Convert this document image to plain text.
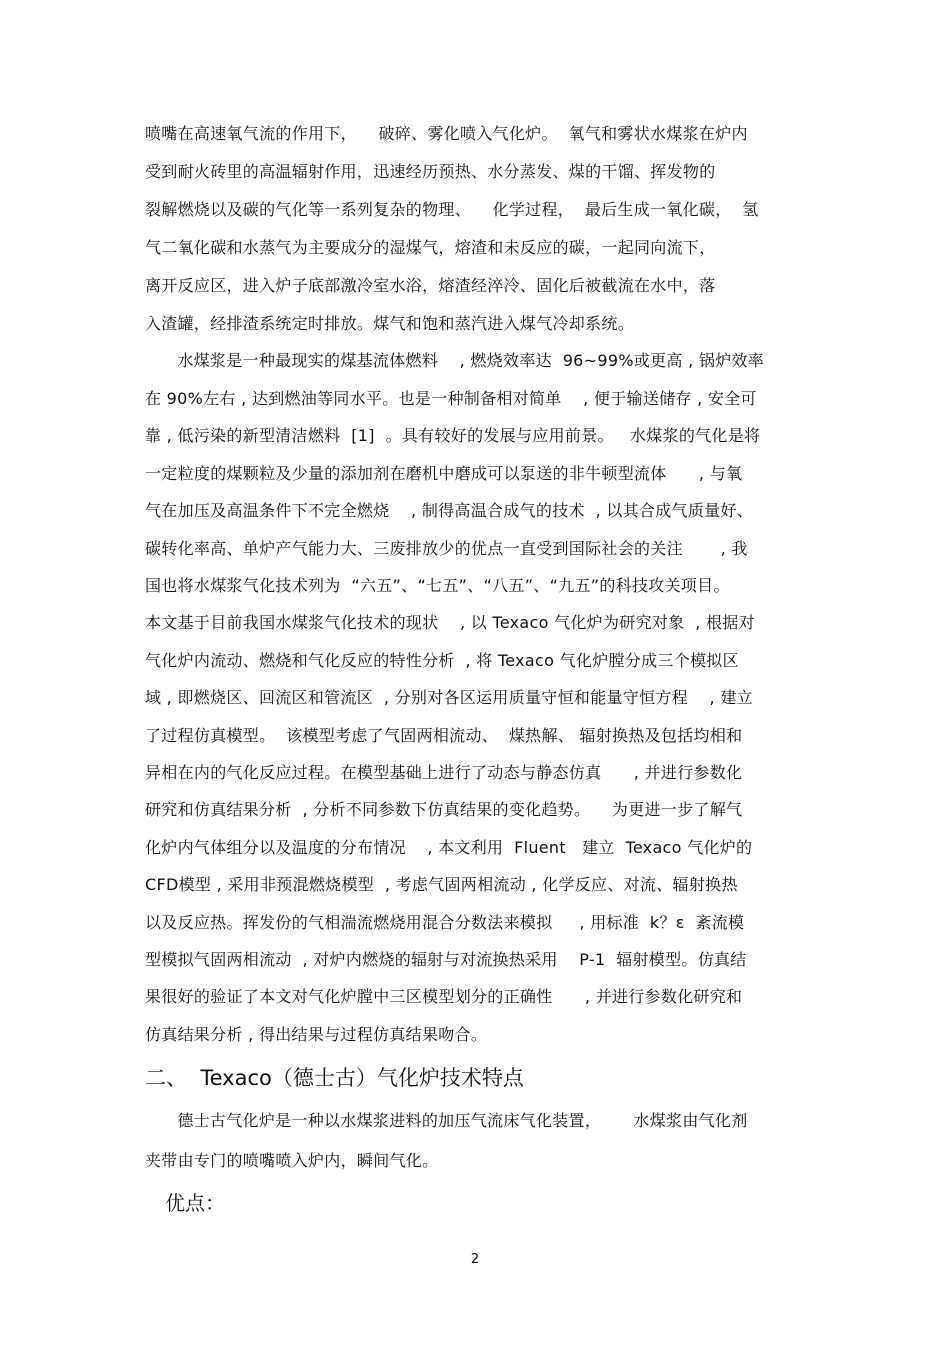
喷嘴在高速氧气流的作用下，    破碎、雾化喷入气化炉。  氧气和雾状水煤浆在炉内
受到耐火砖里的高温辐射作用，迅速经历预热、水分蒸发、煤的干馏、挥发物的
裂解燃烧以及碳的气化等一系列复杂的物理、    化学过程，  最后生成一氧化碳，  氢
气二氧化碳和水蒸气为主要成分的湿煤气，熔渣和未反应的碳，一起同向流下，
离开反应区，进入炉子底部激冷室水浴，熔渣经淬冷、固化后被截流在水中，落
入渣罐，经排渣系统定时排放。煤气和饱和蒸汽进入煤气冷却系统。
水煤浆是一种最现实的煤基流体燃料    , 燃烧效率达  96~99%或更高 , 锅炉效率
在 90%左右 , 达到燃油等同水平。也是一种制备相对简单    , 便于输送储存 , 安全可
靠 , 低污染的新型清洁燃料  [1]  。具有较好的发展与应用前景。   水煤浆的气化是将
一定粒度的煤颗粒及少量的添加剂在磨机中磨成可以泵送的非牛顿型流体      , 与氧
气在加压及高温条件下不完全燃烧    , 制得高温合成气的技术  , 以其合成气质量好、
碳转化率高、单炉产气能力大、三废排放少的优点一直受到国际社会的关注       , 我
国也将水煤浆气化技术列为  “六五”、“七五”、“八五”、“九五”的科技攻关项目。
本文基于目前我国水煤浆气化技术的现状    , 以 Texaco 气化炉为研究对象  , 根据对
气化炉内流动、燃烧和气化反应的特性分析  , 将 Texaco 气化炉膛分成三个模拟区
域 , 即燃烧区、回流区和管流区  , 分别对各区运用质量守恒和能量守恒方程    , 建立
了过程仿真模型。  该模型考虑了气固两相流动、  煤热解、 辐射换热及包括均相和
异相在内的气化反应过程。在模型基础上进行了动态与静态仿真      , 并进行参数化
研究和仿真结果分析  , 分析不同参数下仿真结果的变化趋势。    为更进一步了解气
化炉内气体组分以及温度的分布情况    , 本文利用  Fluent   建立  Texaco 气化炉的
CFD模型 , 采用非预混燃烧模型  , 考虑气固两相流动 , 化学反应、对流、辐射换热
以及反应热。挥发份的气相湍流燃烧用混合分数法来模拟     , 用标准  k？ε  紊流模
型模拟气固两相流动  , 对炉内燃烧的辐射与对流换热采用    P-1  辐射模型。仿真结
果很好的验证了本文对气化炉膛中三区模型划分的正确性      , 并进行参数化研究和
仿真结果分析 , 得出结果与过程仿真结果吻合。
二、  Texaco（德士古）气化炉技术特点
德士古气化炉是一种以水煤浆进料的加压气流床气化装置，      水煤浆由气化剂
夹带由专门的喷嘴喷入炉内，瞬间气化。
优点：
2
